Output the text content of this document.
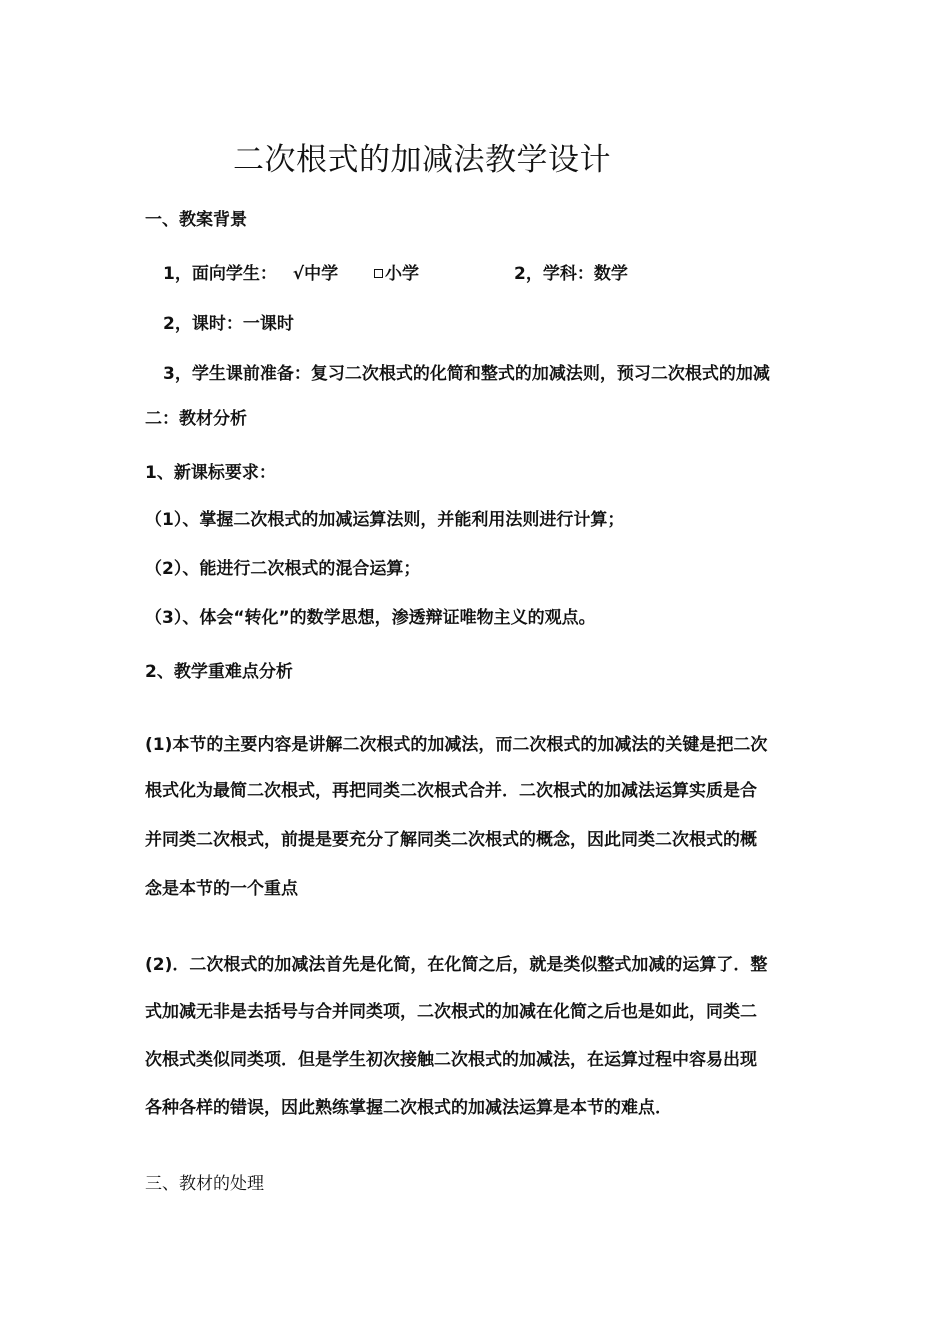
二次根式的加减法教学设计
一、教案背景
1，面向学生： √中学	小学	2，学科：数学
2，课时：一课时
3，学生课前准备：复习二次根式的化简和整式的加减法则，预习二次根式的加减
二：教材分析
1、新课标要求：
（1）、掌握二次根式的加减运算法则，并能利用法则进行计算；
（2）、能进行二次根式的混合运算；
（3）、体会“转化”的数学思想，渗透辩证唯物主义的观点。
2、教学重难点分析
(1)本节的主要内容是讲解二次根式的加减法，而二次根式的加减法的关键是把二次
根式化为最简二次根式，再把同类二次根式合并．二次根式的加减法运算实质是合
并同类二次根式，前提是要充分了解同类二次根式的概念，因此同类二次根式的概
念是本节的一个重点
(2)．二次根式的加减法首先是化简，在化简之后，就是类似整式加减的运算了．整
式加减无非是去括号与合并同类项，二次根式的加减在化简之后也是如此，同类二
次根式类似同类项．但是学生初次接触二次根式的加减法，在运算过程中容易出现
各种各样的错误，因此熟练掌握二次根式的加减法运算是本节的难点．
三、教材的处理
